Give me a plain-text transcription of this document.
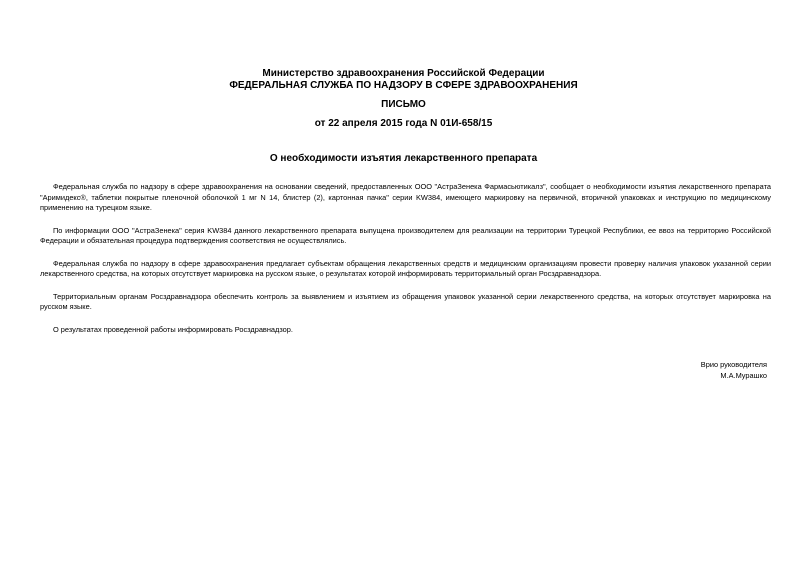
Министерство здравоохранения Российской Федерации
ФЕДЕРАЛЬНАЯ СЛУЖБА ПО НАДЗОРУ В СФЕРЕ ЗДРАВООХРАНЕНИЯ
ПИСЬМО
от 22 апреля 2015 года N 01И-658/15
О необходимости изъятия лекарственного препарата

Федеральная служба по надзору в сфере здравоохранения на основании сведений, предоставленных ООО "АстраЗенека Фармасьютикалз", сообщает о необходимости изъятия лекарственного препарата "Аримидекс®, таблетки покрытые пленочной оболочкой 1 мг N 14, блистер (2), картонная пачка" серии KW384, имеющего маркировку на первичной, вторичной упаковках и инструкцию по медицинскому применению на турецком языке.

По информации ООО "АстраЗенека" серия KW384 данного лекарственного препарата выпущена производителем для реализации на территории Турецкой Республики, ее ввоз на территорию Российской Федерации и обязательная процедура подтверждения соответствия не осуществлялись.

Федеральная служба по надзору в сфере здравоохранения предлагает субъектам обращения лекарственных средств и медицинским организациям провести проверку наличия упаковок указанной серии лекарственного средства, на которых отсутствует маркировка на русском языке, о результатах которой информировать территориальный орган Росздравнадзора.

Территориальным органам Росздравнадзора обеспечить контроль за выявлением и изъятием из обращения упаковок указанной серии лекарственного средства, на которых отсутствует маркировка на русском языке.

О результатах проведенной работы информировать Росздравнадзор.

Врио руководителя
М.А.Мурашко
